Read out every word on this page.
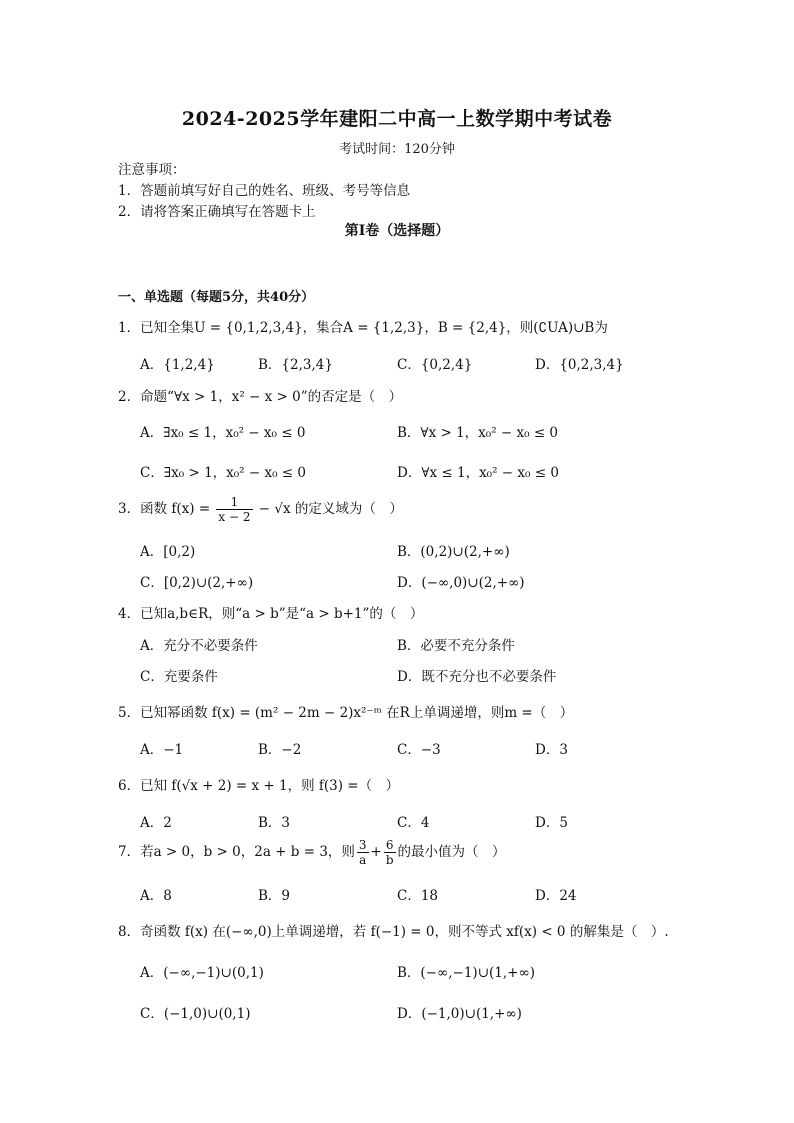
2024-2025学年建阳二中高一上数学期中考试卷
考试时间：120分钟
注意事项：
1．答题前填写好自己的姓名、班级、考号等信息
2．请将答案正确填写在答题卡上
第I卷（选择题）
一、单选题（每题5分，共40分）
1．已知全集U = {0,1,2,3,4}，集合A = {1,2,3}，B = {2,4}，则(∁UA)∪B为
A．{1,2,4}	B．{2,3,4}	C．{0,2,4}	D．{0,2,3,4}
2．命题“∀x > 1，x² − x > 0”的否定是（　）
A．∃x₀ ≤ 1，x₀² − x₀ ≤ 0	B．∀x > 1，x₀² − x₀ ≤ 0
C．∃x₀ > 1，x₀² − x₀ ≤ 0	D．∀x ≤ 1，x₀² − x₀ ≤ 0
3．函数 $f(x) = \frac{1}{x - 2} - √x$ 的定义域为（　）
A．[0,2)	B．(0,2)∪(2,+∞)
C．[0,2)∪(2,+∞)	D．(−∞,0)∪(2,+∞)
4．已知a,b∈R，则“a > b”是“a > b+1”的（　）
A．充分不必要条件	B．必要不充分条件
C．充要条件	D．既不充分也不必要条件
5．已知幂函数 f(x) = (m² − 2m − 2)x²⁻ᵐ 在R上单调递增，则m =（　）
A．−1	B．−2	C．−3	D．3
6．已知 f(√x + 2) = x + 1，则 f(3) =（　）
A．2	B．3	C．4	D．5
7．若a > 0，b > 0，2a + b = 3，则 $\frac{3}{a} + \frac{6}{b}$ 的最小值为（　）
A．8	B．9	C．18	D．24
8．奇函数 f(x) 在(−∞,0)上单调递增，若 f(−1) = 0，则不等式 xf(x) < 0 的解集是（　）.
A．(−∞,−1)∪(0,1)	B．(−∞,−1)∪(1,+∞)
C．(−1,0)∪(0,1)	D．(−1,0)∪(1,+∞)
